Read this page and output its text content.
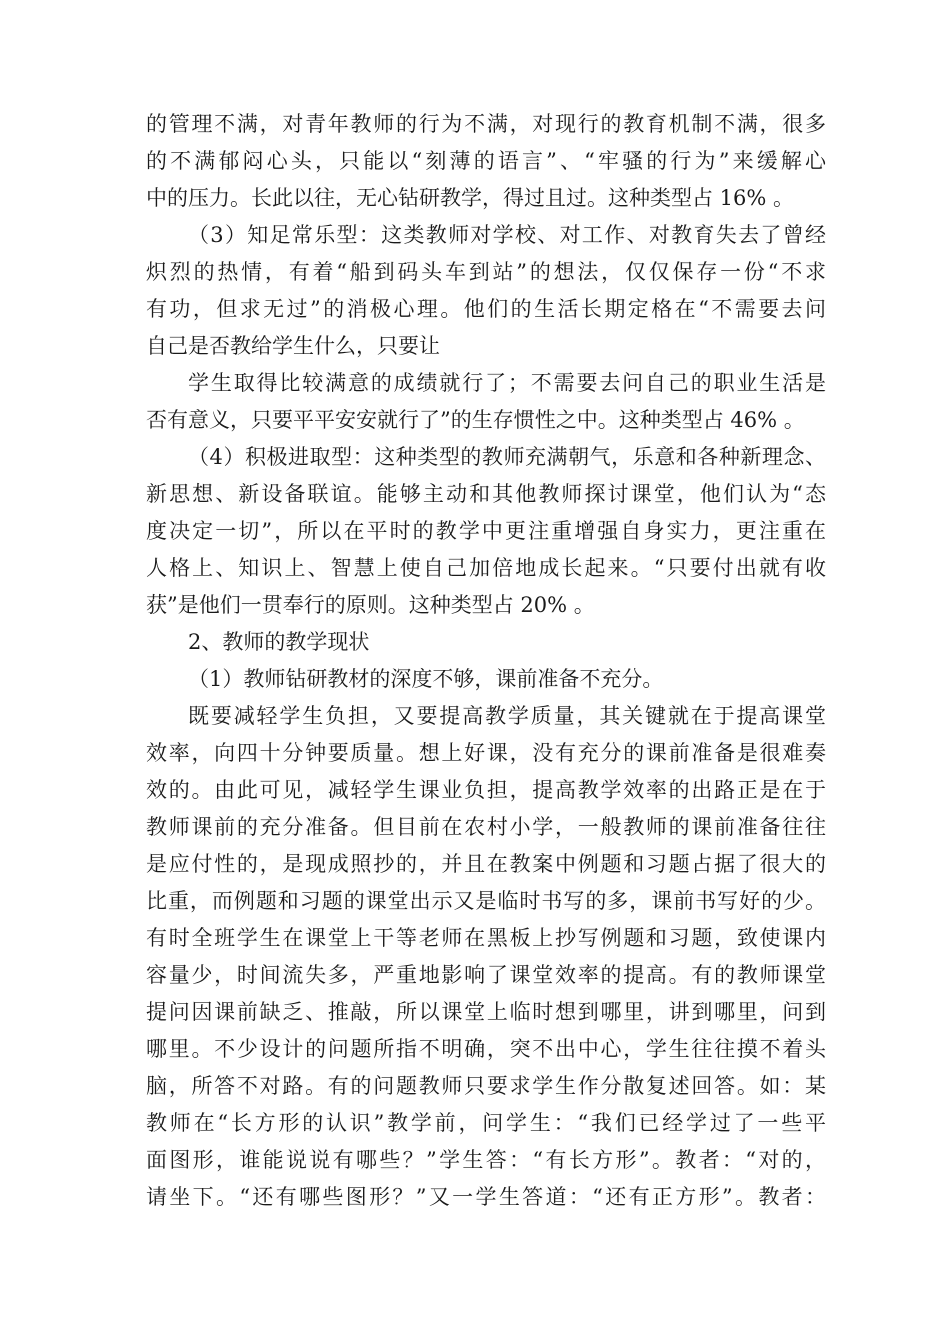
的管理不满，对青年教师的行为不满，对现行的教育机制不满，很多
的不满郁闷心头，只能以“刻薄的语言”、“牢骚的行为”来缓解心
中的压力。长此以往，无心钻研教学，得过且过。这种类型占 16% 。
（3）知足常乐型：这类教师对学校、对工作、对教育失去了曾经
炽烈的热情，有着“船到码头车到站”的想法，仅仅保存一份“不求
有功，但求无过”的消极心理。他们的生活长期定格在“不需要去问
自己是否教给学生什么，只要让
学生取得比较满意的成绩就行了；不需要去问自己的职业生活是
否有意义，只要平平安安就行了”的生存惯性之中。这种类型占 46% 。
（4）积极进取型：这种类型的教师充满朝气，乐意和各种新理念、
新思想、新设备联谊。能够主动和其他教师探讨课堂，他们认为“态
度决定一切”，所以在平时的教学中更注重增强自身实力，更注重在
人格上、知识上、智慧上使自己加倍地成长起来。“只要付出就有收
获”是他们一贯奉行的原则。这种类型占 20% 。
2、教师的教学现状
（1）教师钻研教材的深度不够，课前准备不充分。
既要减轻学生负担，又要提高教学质量，其关键就在于提高课堂
效率，向四十分钟要质量。想上好课，没有充分的课前准备是很难奏
效的。由此可见，减轻学生课业负担，提高教学效率的出路正是在于
教师课前的充分准备。但目前在农村小学，一般教师的课前准备往往
是应付性的，是现成照抄的，并且在教案中例题和习题占据了很大的
比重，而例题和习题的课堂出示又是临时书写的多，课前书写好的少。
有时全班学生在课堂上干等老师在黑板上抄写例题和习题，致使课内
容量少，时间流失多，严重地影响了课堂效率的提高。有的教师课堂
提问因课前缺乏、推敲，所以课堂上临时想到哪里，讲到哪里，问到
哪里。不少设计的问题所指不明确，突不出中心，学生往往摸不着头
脑，所答不对路。有的问题教师只要求学生作分散复述回答。如：某
教师在“长方形的认识”教学前，问学生：“我们已经学过了一些平
面图形，谁能说说有哪些？”学生答：“有长方形”。教者：“对的，
请坐下。“还有哪些图形？”又一学生答道：“还有正方形”。教者：
